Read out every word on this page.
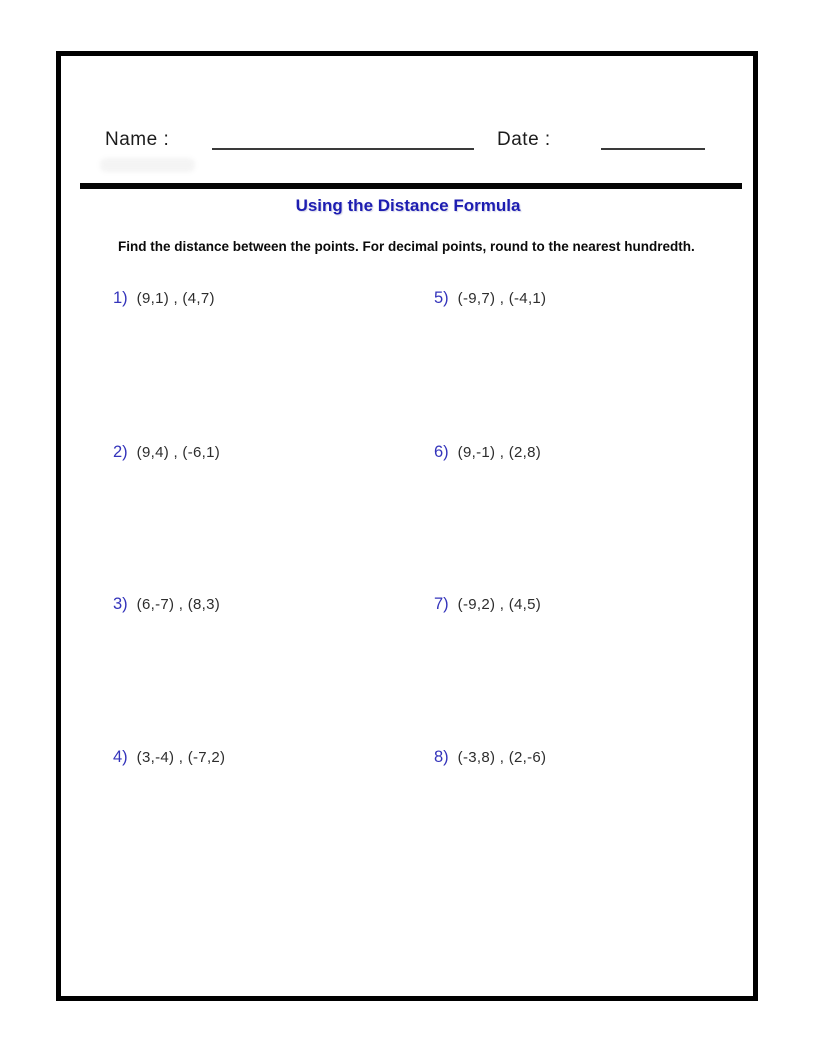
Name :	Date :
Using the Distance Formula
Find the distance between the points. For decimal points, round to the nearest hundredth.
1) (9,1) , (4,7)
2) (9,4) , (-6,1)
3) (6,-7) , (8,3)
4) (3,-4) , (-7,2)
5) (-9,7) , (-4,1)
6) (9,-1) , (2,8)
7) (-9,2) , (4,5)
8) (-3,8) , (2,-6)
